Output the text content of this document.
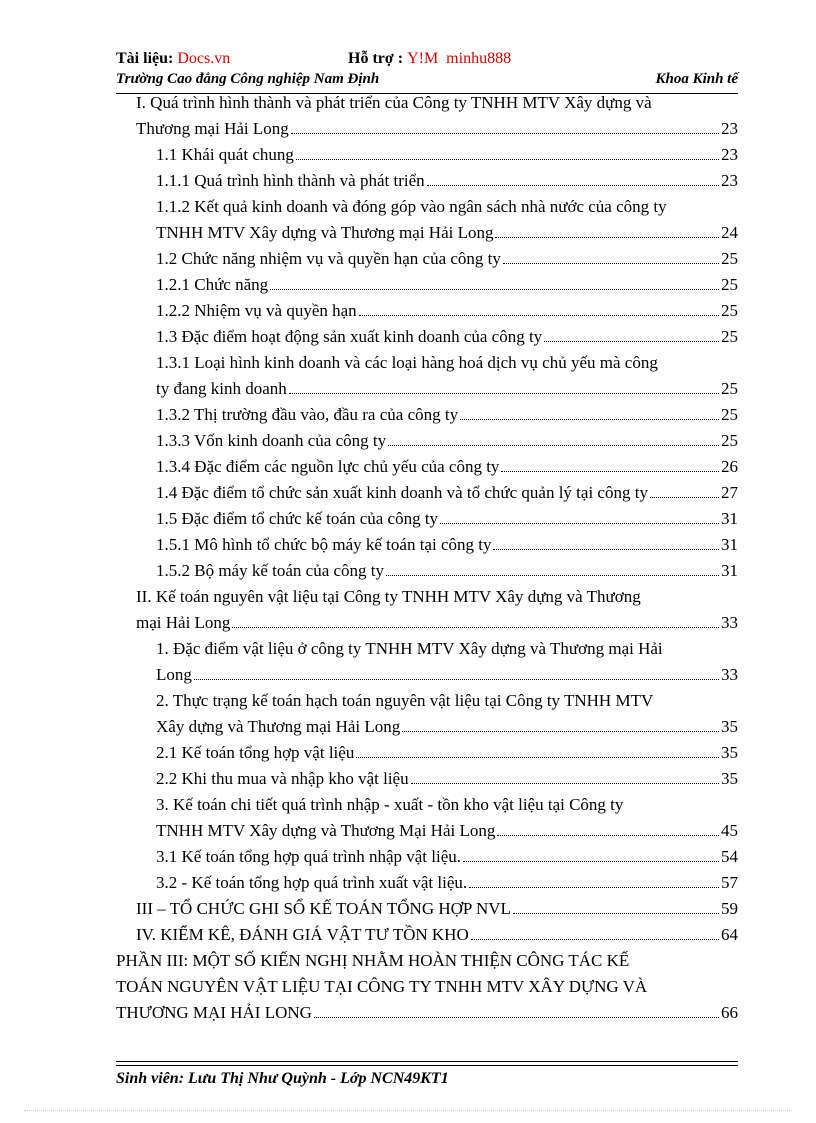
Tài liệu: Docs.vn	Hỗ trợ : Y!M minhu888
Trường Cao đẳng Công nghiệp Nam Định	Khoa Kinh tế
I. Quá trình hình thành và phát triển của Công ty TNHH MTV Xây dựng và
Thương mại Hải Long	23
1.1 Khái quát chung	23
1.1.1 Quá trình hình thành và phát triển	23
1.1.2 Kết quả kinh doanh và đóng góp vào ngân sách nhà nước của công ty
TNHH MTV Xây dựng và Thương mại Hải Long	24
1.2 Chức năng nhiệm vụ và quyền hạn của công ty	25
1.2.1 Chức năng	25
1.2.2 Nhiệm vụ và quyền hạn	25
1.3 Đặc điểm hoạt động sản xuất kinh doanh của công ty	25
1.3.1 Loại hình kinh doanh và các loại hàng hoá dịch vụ chủ yếu mà công
ty đang kinh doanh	25
1.3.2 Thị trường đầu vào, đầu ra của công ty	25
1.3.3 Vốn kinh doanh của công ty	25
1.3.4 Đặc điểm các nguồn lực chủ yếu của công ty	26
1.4 Đặc điểm tổ chức sản xuất kinh doanh và tổ chức quản lý tại công ty	27
1.5 Đặc điểm tổ chức kế toán của công ty	31
1.5.1 Mô hình tổ chức bộ máy kế toán tại công ty	31
1.5.2 Bộ máy kế toán của công ty	31
II. Kế toán nguyên vật liệu tại Công ty TNHH MTV Xây dựng và Thương
mại Hải Long	33
1. Đặc điểm vật liệu ở công ty TNHH MTV Xây dựng và Thương mại Hải
Long	33
2. Thực trạng kế toán hạch toán nguyên vật liệu tại Công ty TNHH MTV
Xây dựng và Thương mại Hải Long	35
2.1 Kế toán tổng hợp vật liệu	35
2.2 Khi thu mua và nhập kho vật liệu	35
3. Kế toán chi tiết quá trình nhập - xuất - tồn kho vật liệu tại Công ty
TNHH MTV Xây dựng và Thương Mại Hải Long	45
3.1 Kế toán tổng hợp quá trình nhập vật liệu.	54
3.2 - Kế toán tổng hợp quá trình xuất vật liệu.	57
III – TỔ CHỨC GHI SỔ KẾ TOÁN TỔNG HỢP NVL	59
IV. KIỂM KÊ, ĐÁNH GIÁ VẬT TƯ TỒN KHO	64
PHẦN III: MỘT SỐ KIẾN NGHỊ NHẰM HOÀN THIỆN CÔNG TÁC KẾ
TOÁN NGUYÊN VẬT LIỆU TẠI CÔNG TY TNHH MTV XÂY DỰNG VÀ
THƯƠNG MẠI HẢI LONG	66
Sinh viên: Lưu Thị Như Quỳnh - Lớp NCN49KT1
